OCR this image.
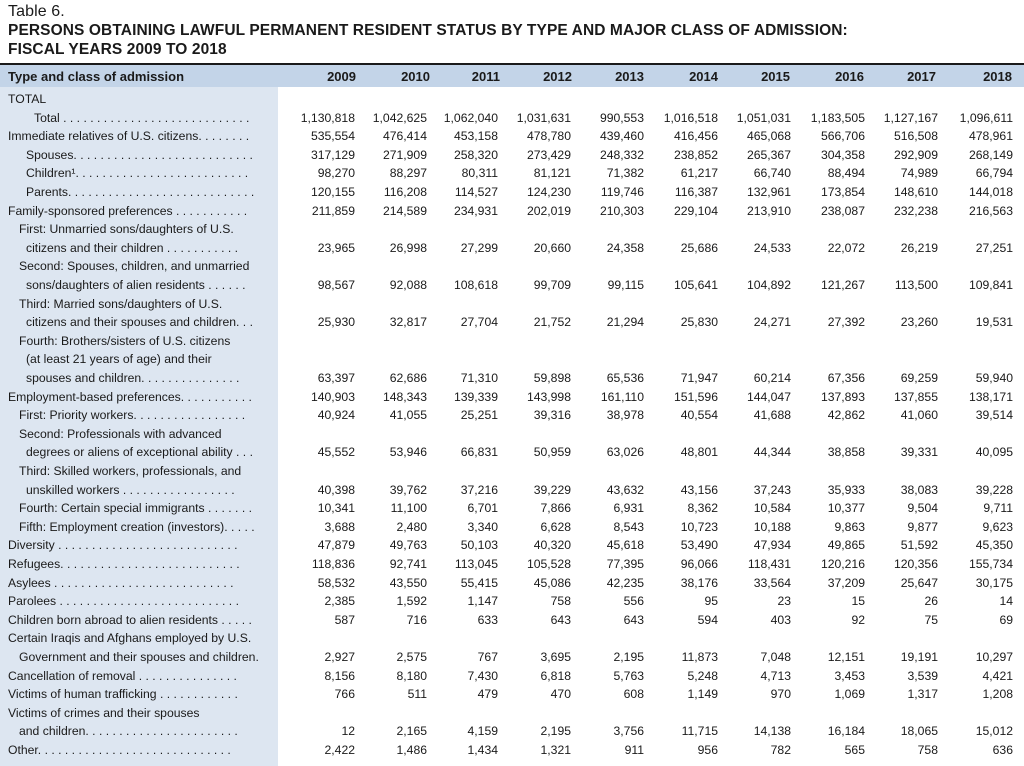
Table 6.
PERSONS OBTAINING LAWFUL PERMANENT RESIDENT STATUS BY TYPE AND MAJOR CLASS OF ADMISSION:
FISCAL YEARS 2009 TO 2018
Type and class of admission	2009	2010	2011	2012	2013	2014	2015	2016	2017	2018
TOTAL
Total . . . . . . . . . . . . . . . . . . . . . . . . . . . .	1,130,818	1,042,625	1,062,040	1,031,631	990,553	1,016,518	1,051,031	1,183,505	1,127,167	1,096,611
Immediate relatives of U.S. citizens. . . . . . . .	535,554	476,414	453,158	478,780	439,460	416,456	465,068	566,706	516,508	478,961
Spouses. . . . . . . . . . . . . . . . . . . . . . . . . . .	317,129	271,909	258,320	273,429	248,332	238,852	265,367	304,358	292,909	268,149
Children¹. . . . . . . . . . . . . . . . . . . . . . . . . .	98,270	88,297	80,311	81,121	71,382	61,217	66,740	88,494	74,989	66,794
Parents. . . . . . . . . . . . . . . . . . . . . . . . . . . .	120,155	116,208	114,527	124,230	119,746	116,387	132,961	173,854	148,610	144,018
Family-sponsored preferences . . . . . . . . . . .	211,859	214,589	234,931	202,019	210,303	229,104	213,910	238,087	232,238	216,563
First: Unmarried sons/daughters of U.S.
citizens and their children . . . . . . . . . . .	23,965	26,998	27,299	20,660	24,358	25,686	24,533	22,072	26,219	27,251
Second: Spouses, children, and unmarried
sons/daughters of alien residents . . . . . .	98,567	92,088	108,618	99,709	99,115	105,641	104,892	121,267	113,500	109,841
Third: Married sons/daughters of U.S.
citizens and their spouses and children. . .	25,930	32,817	27,704	21,752	21,294	25,830	24,271	27,392	23,260	19,531
Fourth: Brothers/sisters of U.S. citizens
(at least 21 years of age) and their
spouses and children. . . . . . . . . . . . . . .	63,397	62,686	71,310	59,898	65,536	71,947	60,214	67,356	69,259	59,940
Employment-based preferences. . . . . . . . . . .	140,903	148,343	139,339	143,998	161,110	151,596	144,047	137,893	137,855	138,171
First: Priority workers. . . . . . . . . . . . . . . . .	40,924	41,055	25,251	39,316	38,978	40,554	41,688	42,862	41,060	39,514
Second: Professionals with advanced
degrees or aliens of exceptional ability . . .	45,552	53,946	66,831	50,959	63,026	48,801	44,344	38,858	39,331	40,095
Third: Skilled workers, professionals, and
unskilled workers . . . . . . . . . . . . . . . . .	40,398	39,762	37,216	39,229	43,632	43,156	37,243	35,933	38,083	39,228
Fourth: Certain special immigrants . . . . . . .	10,341	11,100	6,701	7,866	6,931	8,362	10,584	10,377	9,504	9,711
Fifth: Employment creation (investors). . . . .	3,688	2,480	3,340	6,628	8,543	10,723	10,188	9,863	9,877	9,623
Diversity . . . . . . . . . . . . . . . . . . . . . . . . . . .	47,879	49,763	50,103	40,320	45,618	53,490	47,934	49,865	51,592	45,350
Refugees. . . . . . . . . . . . . . . . . . . . . . . . . . .	118,836	92,741	113,045	105,528	77,395	96,066	118,431	120,216	120,356	155,734
Asylees . . . . . . . . . . . . . . . . . . . . . . . . . . .	58,532	43,550	55,415	45,086	42,235	38,176	33,564	37,209	25,647	30,175
Parolees . . . . . . . . . . . . . . . . . . . . . . . . . . .	2,385	1,592	1,147	758	556	95	23	15	26	14
Children born abroad to alien residents . . . . .	587	716	633	643	643	594	403	92	75	69
Certain Iraqis and Afghans employed by U.S.
Government and their spouses and children.	2,927	2,575	767	3,695	2,195	11,873	7,048	12,151	19,191	10,297
Cancellation of removal . . . . . . . . . . . . . . .	8,156	8,180	7,430	6,818	5,763	5,248	4,713	3,453	3,539	4,421
Victims of human trafficking . . . . . . . . . . . .	766	511	479	470	608	1,149	970	1,069	1,317	1,208
Victims of crimes and their spouses
and children. . . . . . . . . . . . . . . . . . . . . . .	12	2,165	4,159	2,195	3,756	11,715	14,138	16,184	18,065	15,012
Other. . . . . . . . . . . . . . . . . . . . . . . . . . . . .	2,422	1,486	1,434	1,321	911	956	782	565	758	636
